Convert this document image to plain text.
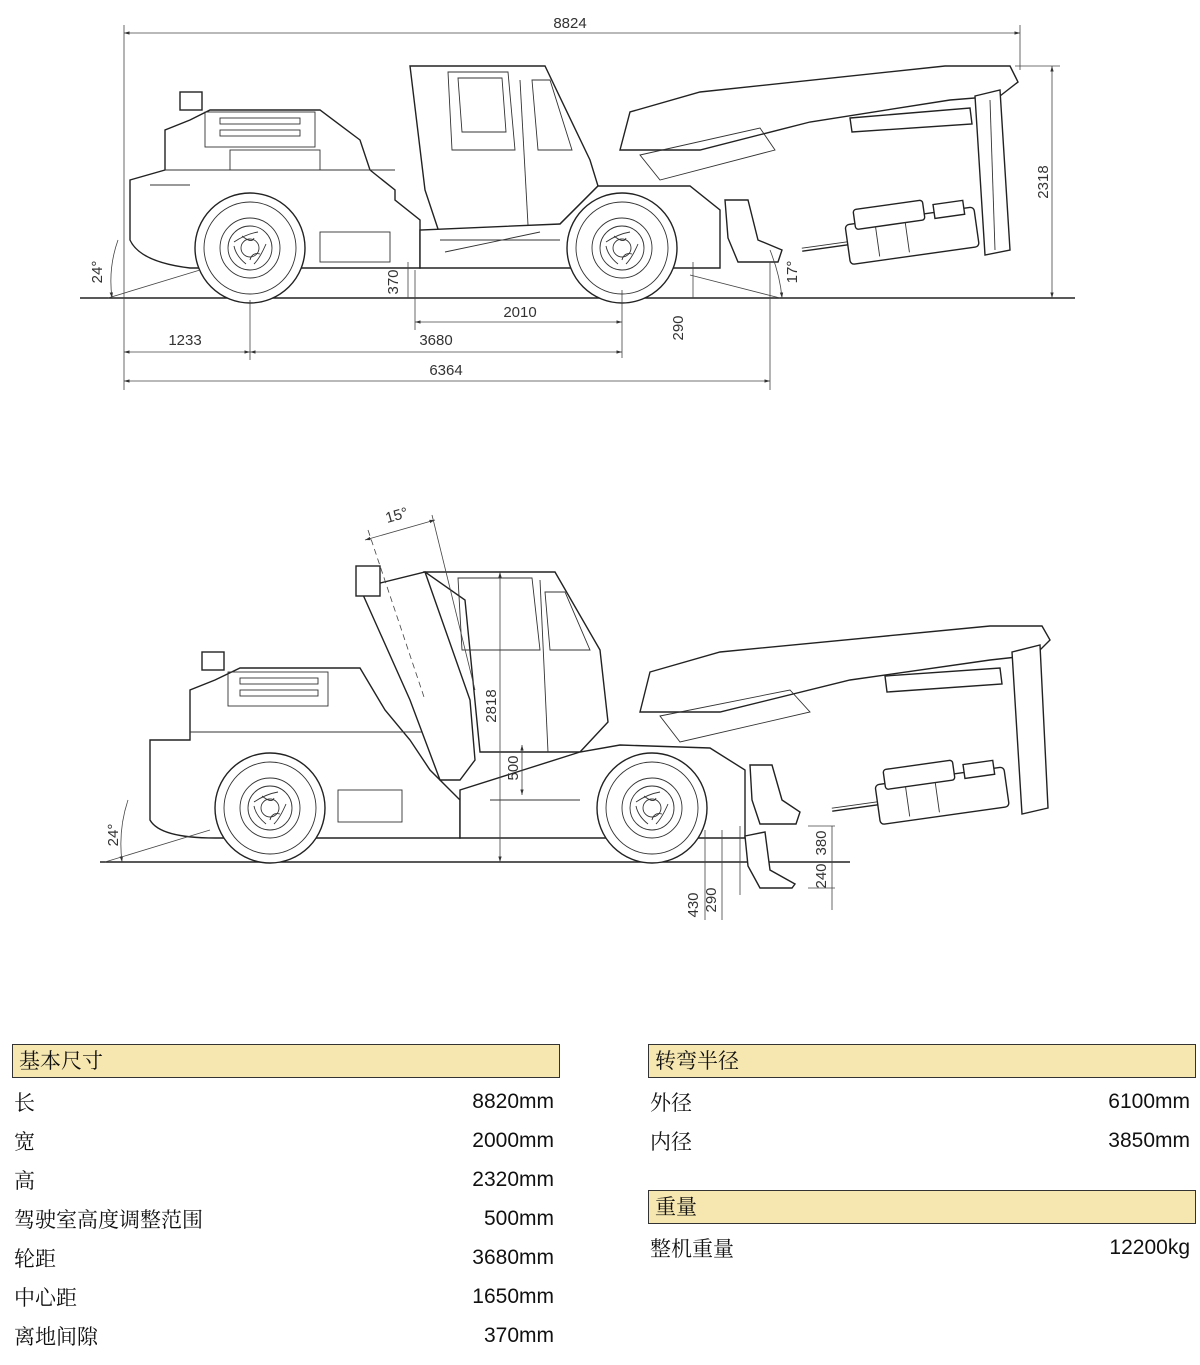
8824
2318
24°	17°
370
2010
290
1233	3680
6364
15°
2818
500
24°
430 290
240
380
基本尺寸
长	8820mm
宽	2000mm
高	2320mm
驾驶室高度调整范围	500mm
轮距	3680mm
中心距	1650mm
离地间隙	370mm
转弯半径
外径	6100mm
内径	3850mm
重量
整机重量	12200kg
